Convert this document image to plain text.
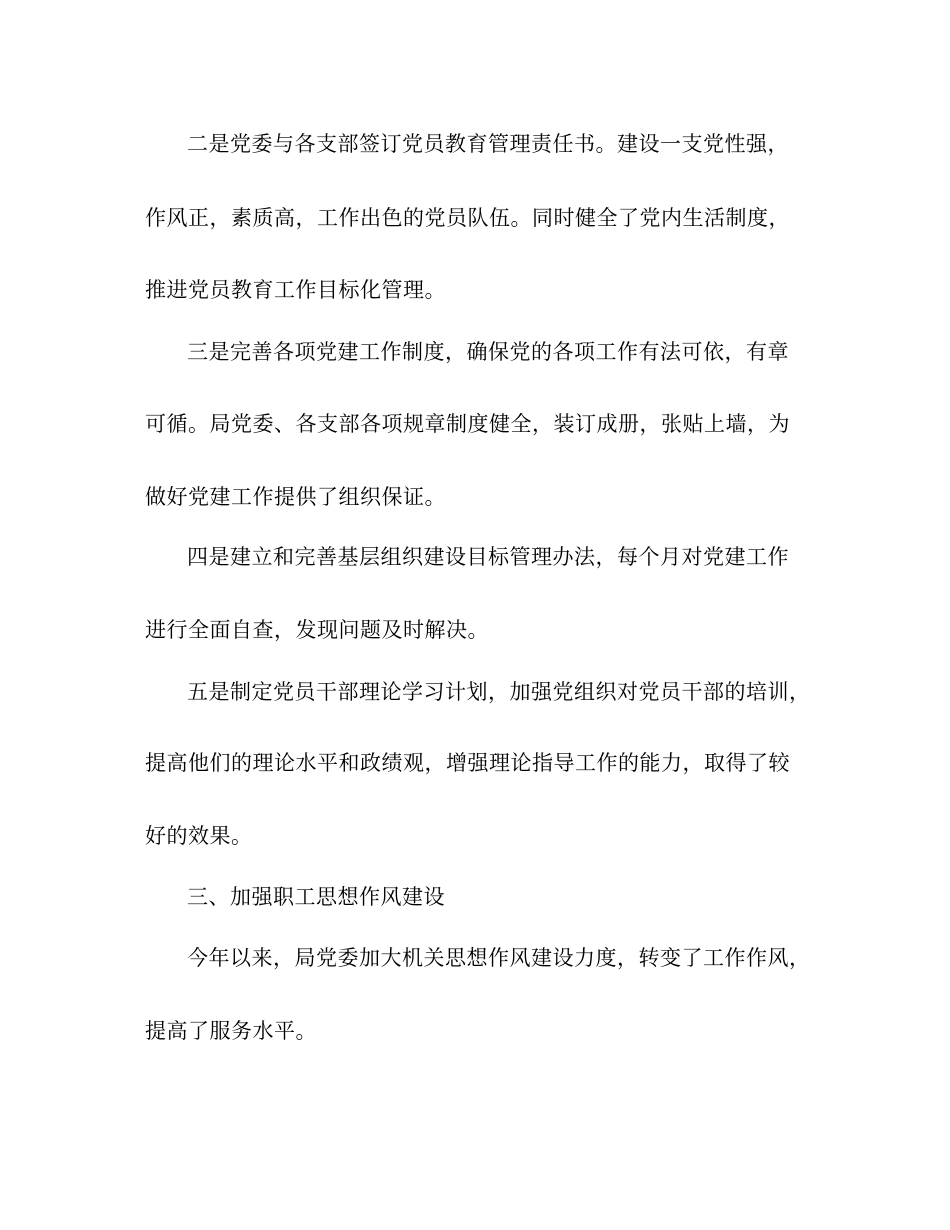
二是党委与各支部签订党员教育管理责任书。建设一支党性强，
作风正，素质高，工作出色的党员队伍。同时健全了党内生活制度，
推进党员教育工作目标化管理。
三是完善各项党建工作制度，确保党的各项工作有法可依，有章
可循。局党委、各支部各项规章制度健全，装订成册，张贴上墙，为
做好党建工作提供了组织保证。
四是建立和完善基层组织建设目标管理办法，每个月对党建工作
进行全面自查，发现问题及时解决。
五是制定党员干部理论学习计划，加强党组织对党员干部的培训，
提高他们的理论水平和政绩观，增强理论指导工作的能力，取得了较
好的效果。
三、加强职工思想作风建设
今年以来，局党委加大机关思想作风建设力度，转变了工作作风，
提高了服务水平。
